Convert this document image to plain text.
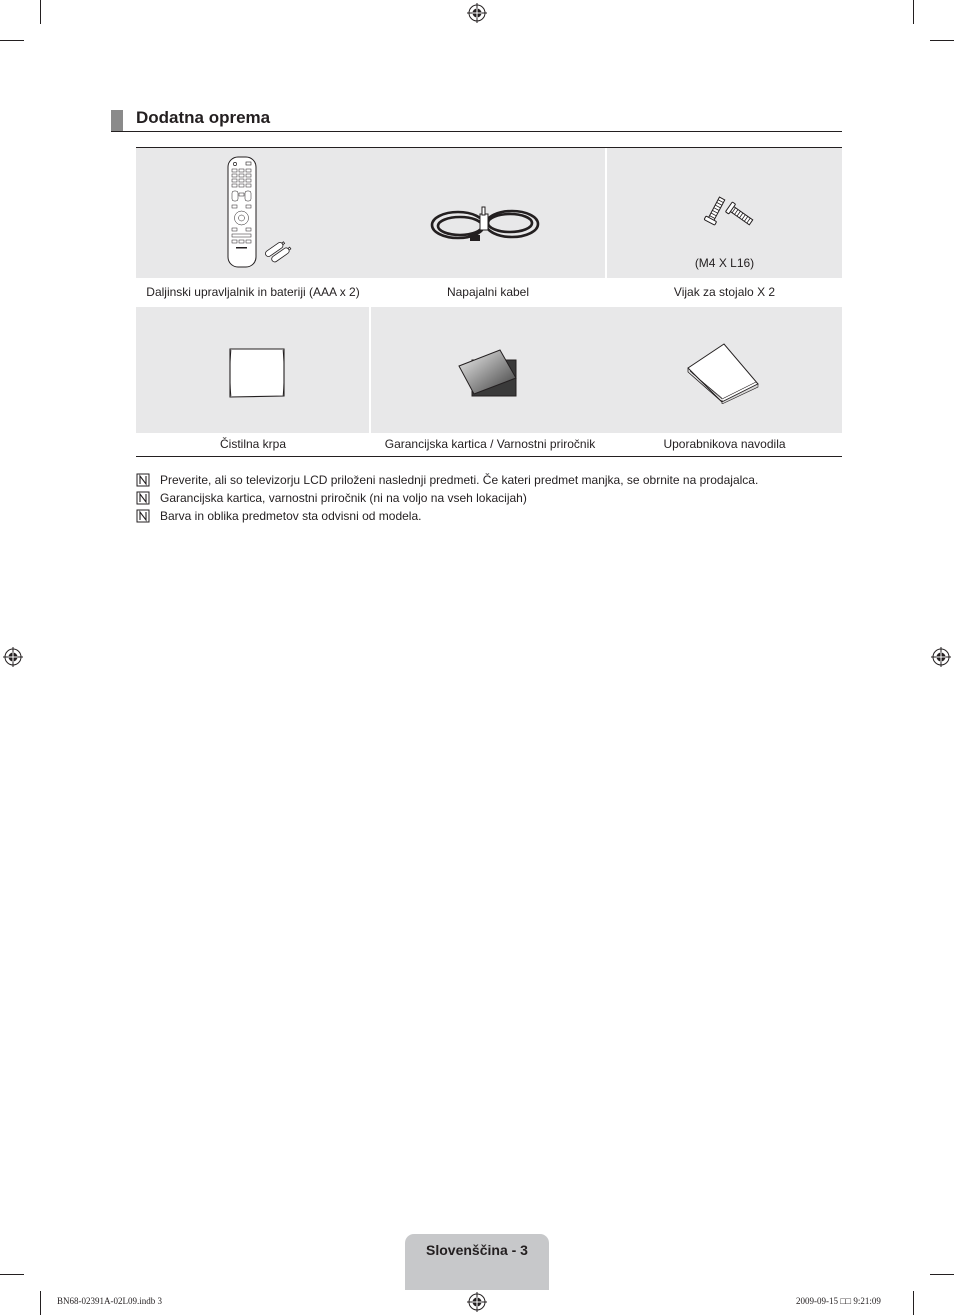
Dodatna oprema
(M4 X L16)
Daljinski upravljalnik in bateriji (AAA x 2)	Napajalni kabel	Vijak za stojalo X 2
Čistilna krpa	Garancijska kartica / Varnostni priročnik	Uporabnikova navodila
Preverite, ali so televizorju LCD priloženi naslednji predmeti. Če kateri predmet manjka, se obrnite na prodajalca.
Garancijska kartica, varnostni priročnik (ni na voljo na vseh lokacijah)
Barva in oblika predmetov sta odvisni od modela.
Slovenščina - 3
BN68-02391A-02L09.indb 3	2009-09-15 □□ 9:21:09
